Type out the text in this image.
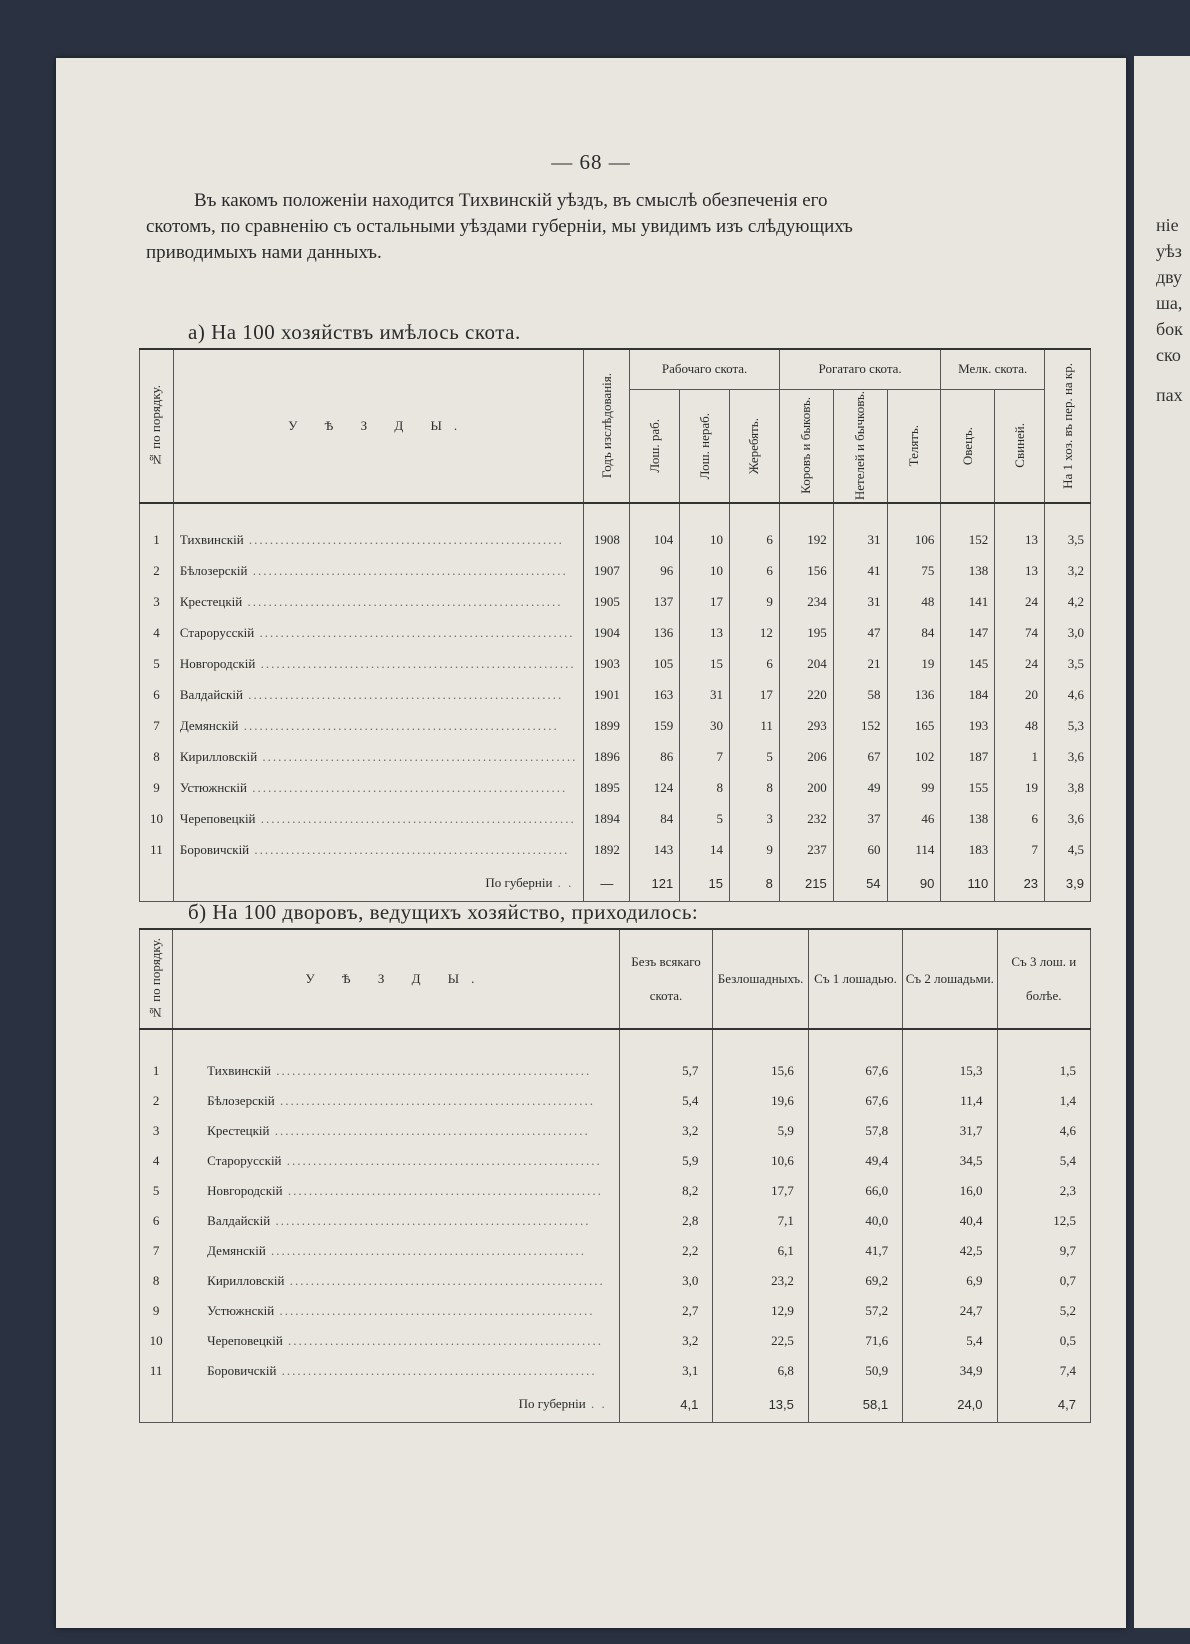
— 68 —
Въ какомъ положенiи находится Тихвинскiй уѣздъ, въ смыслѣ обезпеченiя его
скотомъ, по сравненiю съ остальными уѣздами губернiи, мы увидимъ изъ слѣдующихъ
приводимыхъ нами данныхъ.
а) На 100 хозяйствъ имѣлось скота.
б) На 100 дворовъ, ведущихъ хозяйство, приходилось:
№ по порядку.	У Ѣ З Д Ы.	Годъ изслѣдованiя.	Рабочаго скота.			Рогатаго скота.			Мелк. скота.		На 1 хоз. въ пер. на кр.

			Лош. раб.	Лош. нераб.	Жеребять.	Коровъ и быковъ.	Нетелей и бычковъ.	Телятъ.	Овецъ.	Свиней.	

1	Тихвинскiй ............................................................	1908	104	10	6	192	31	106	152	13	3,5
2	Бѣлозерскiй ............................................................	1907	96	10	6	156	41	75	138	13	3,2
3	Крестецкiй ............................................................	1905	137	17	9	234	31	48	141	24	4,2
4	Старорусскiй ............................................................	1904	136	13	12	195	47	84	147	74	3,0
5	Новгородскiй ............................................................	1903	105	15	6	204	21	19	145	24	3,5
6	Валдайскiй ............................................................	1901	163	31	17	220	58	136	184	20	4,6
7	Демянскiй ............................................................	1899	159	30	11	293	152	165	193	48	5,3
8	Кирилловскiй ............................................................	1896	86	7	5	206	67	102	187	1	3,6
9	Устюжнскiй ............................................................	1895	124	8	8	200	49	99	155	19	3,8
10	Череповецкiй ............................................................	1894	84	5	3	232	37	46	138	6	3,6
11	Боровичскiй ............................................................	1892	143	14	9	237	60	114	183	7	4,5
	По губернiи . .	—	121	15	8	215	54	90	110	23	3,9
№ по порядку.	У Ѣ З Д Ы.	Безъ всякаго скота.	Безлошадныхъ.	Съ 1 лошадью.	Съ 2 лошадьми.	Съ 3 лош. и болѣе.

1	Тихвинскiй ............................................................	5,7	15,6	67,6	15,3	1,5
2	Бѣлозерскiй ............................................................	5,4	19,6	67,6	11,4	1,4
3	Крестецкiй ............................................................	3,2	5,9	57,8	31,7	4,6
4	Старорусскiй ............................................................	5,9	10,6	49,4	34,5	5,4
5	Новгородскiй ............................................................	8,2	17,7	66,0	16,0	2,3
6	Валдайскiй ............................................................	2,8	7,1	40,0	40,4	12,5
7	Демянскiй ............................................................	2,2	6,1	41,7	42,5	9,7
8	Кирилловскiй ............................................................	3,0	23,2	69,2	6,9	0,7
9	Устюжнскiй ............................................................	2,7	12,9	57,2	24,7	5,2
10	Череповецкiй ............................................................	3,2	22,5	71,6	5,4	0,5
11	Боровичскiй ............................................................	3,1	6,8	50,9	34,9	7,4
	По губернiи . .	4,1	13,5	58,1	24,0	4,7
нie
уѣз
дву
ша,
бок
ско
пах
